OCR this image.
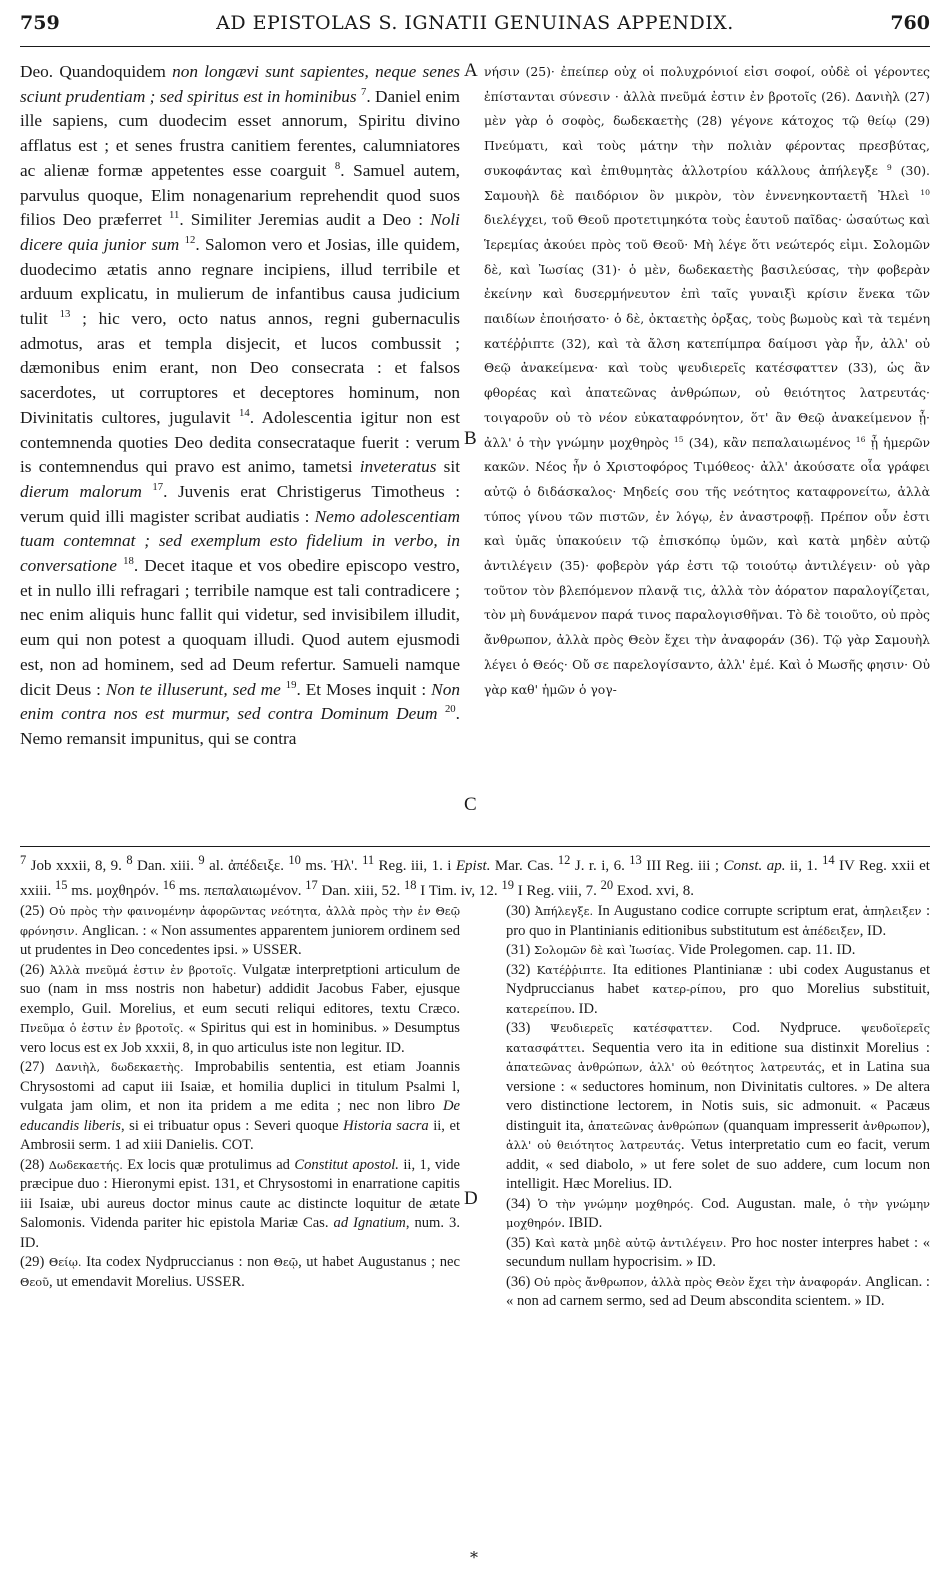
759	AD EPISTOLAS S. IGNATII GENUINAS APPENDIX.	760

Deo. Quandoquidem non longævi sunt sapientes, neque senes sciunt prudentiam ; sed spiritus est in hominibus $^7$. Daniel enim ille sapiens, cum duodecim esset annorum, Spiritu divino afflatus est ; et senes frustra canitiem ferentes, calumniatores ac alienæ formæ appetentes esse coarguit $^8$. Samuel autem, parvulus quoque, Elim nonagenarium reprehendit quod suos filios Deo præferret $^{11}$. Similiter Jeremias audit a Deo : Noli dicere quia junior sum $^{12}$. Salomon vero et Josias, ille quidem, duodecimo ætatis anno regnare incipiens, illud terribile et arduum explicatu, in mulierum de infantibus causa judicium tulit $^{13}$ ; hic vero, octo natus annos, regni gubernaculis admotus, aras et templa disjecit, et lucos combussit ; dæmonibus enim erant, non Deo consecrata : et falsos sacerdotes, ut corruptores et deceptores hominum, non Divinitatis cultores, jugulavit $^{14}$. Adolescentia igitur non est contemnenda quoties Deo dedita consecrataque fuerit : verum is contemnendus qui pravo est animo, tametsi inveteratus sit dierum malorum $^{17}$. Juvenis erat Christigerus Timotheus : verum quid illi magister scribat audiatis : Nemo adolescentiam tuam contemnat ; sed exemplum esto fidelium in verbo, in conversatione $^{18}$. Decet itaque et vos obedire episcopo vestro, et in nullo illi refragari ; terribile namque est tali contradicere ; nec enim aliquis hunc fallit qui videtur, sed invisibilem illudit, eum qui non potest a quoquam illudi. Quod autem ejusmodi est, non ad hominem, sed ad Deum refertur. Samueli namque dicit Deus : Non te illuserunt, sed me $^{19}$. Et Moses inquit : Non enim contra nos est murmur, sed contra Dominum Deum $^{20}$. Nemo remansit impunitus, qui se contra

A
B
C
D

νήσιν (25)· ἐπείπερ οὐχ οἱ πολυχρόνιοί εἰσι σοφοί, οὐδὲ οἱ γέροντες ἐπίστανται σύνεσιν · ἀλλὰ πνεῦμά ἐστιν ἐν βροτοῖς (26). Δανιὴλ (27) μὲν γὰρ ὁ σοφὸς, δωδεκαετὴς (28) γέγονε κάτοχος τῷ θείῳ (29) Πνεύματι, καὶ τοὺς μάτην τὴν πολιὰν φέροντας πρεσβύτας, συκοφάντας καὶ ἐπιθυμητὰς ἀλλοτρίου κάλλους ἀπήλεγξε $^9$ (30). Σαμουὴλ δὲ παιδόριον ὂν μικρὸν, τὸν ἐννενηκονταετῆ Ἠλεὶ $^{10}$ διελέγχει, τοῦ Θεοῦ προτετιμηκότα τοὺς ἑαυτοῦ παῖδας· ὡσαύτως καὶ Ἱερεμίας ἀκούει πρὸς τοῦ Θεοῦ· Μὴ λέγε ὅτι νεώτερός εἰμι. Σολομῶν δὲ, καὶ Ἰωσίας (31)· ὁ μὲν, δωδεκαετὴς βασιλεύσας, τὴν φοβερὰν ἐκείνην καὶ δυσερμήνευτον ἐπὶ ταῖς γυναιξὶ κρίσιν ἕνεκα τῶν παιδίων ἐποιήσατο· ὁ δὲ, ὀκταετὴς ὀρξας, τοὺς βωμοὺς καὶ τὰ τεμένη κατέῤῥιπτε (32), καὶ τὰ ἄλση κατεπίμπρα δαίμοσι γὰρ ἦν, ἀλλ' οὐ Θεῷ ἀνακείμενα· καὶ τοὺς ψευδιερεῖς κατέσφαττεν (33), ὡς ἂν φθορέας καὶ ἀπατεῶνας ἀνθρώπων, οὐ θειότητος λατρευτάς· τοιγαροῦν οὐ τὸ νέον εὐκαταφρόνητον, ὅτ' ἂν Θεῷ ἀνακείμενον ᾖ· ἀλλ' ὁ τὴν γνώμην μοχθηρὸς $^{15}$ (34), κἂν πεπαλαιωμένος $^{16}$ ᾖ ἡμερῶν κακῶν. Νέος ἦν ὁ Χριστοφόρος Τιμόθεος· ἀλλ' ἀκούσατε οἷα γράφει αὐτῷ ὁ διδάσκαλος· Μηδείς σου τῆς νεότητος καταφρονείτω, ἀλλὰ τύπος γίνου τῶν πιστῶν, ἐν λόγῳ, ἐν ἀναστροφῇ. Πρέπον οὖν ἐστι καὶ ὑμᾶς ὑπακούειν τῷ ἐπισκόπῳ ὑμῶν, καὶ κατὰ μηδὲν αὐτῷ ἀντιλέγειν (35)· φοβερὸν γάρ ἐστι τῷ τοιούτῳ ἀντιλέγειν· οὐ γὰρ τοῦτον τὸν βλεπόμενον πλανᾷ τις, ἀλλὰ τὸν ἀόρατον παραλογίζεται, τὸν μὴ δυνάμενον παρά τινος παραλογισθῆναι. Τὸ δὲ τοιοῦτο, οὐ πρὸς ἄνθρωπον, ἀλλὰ πρὸς Θεὸν ἔχει τὴν ἀναφοράν (36). Τῷ γὰρ Σαμουὴλ λέγει ὁ Θεός· Οὔ σε παρελογίσαντο, ἀλλ' ἐμέ. Καὶ ὁ Μωσῆς φησιν· Οὐ γὰρ καθ' ἡμῶν ὁ γογ-

$^7$ Job xxxii, 8, 9. $^8$ Dan. xiii. $^9$ al. ἀπέδειξε. $^{10}$ ms. Ἠλ'. $^{11}$ Reg. iii, 1. i Epist. Mar. Cas. $^{12}$ J. r. i, 6. $^{13}$ III Reg. iii ; Const. ap. ii, 1. $^{14}$ IV Reg. xxii et xxiii. $^{15}$ ms. μοχθηρόν. $^{16}$ ms. πεπαλαιωμένον. $^{17}$ Dan. xiii, 52. $^{18}$ I Tim. iv, 12. $^{19}$ I Reg. viii, 7. $^{20}$ Exod. xvi, 8.

(25) Οὐ πρὸς τὴν φαινομένην ἀφορῶντας νεότητα, ἀλλὰ πρὸς τὴν ἐν Θεῷ φρόνησιν. Anglican. : « Non assumentes apparentem juniorem ordinem sed ut prudentes in Deo concedentes ipsi. » USSER.

(26) Ἀλλὰ πνεῦμά ἐστιν ἐν βροτοῖς. Vulgatæ interpretptioni articulum de suo (nam in mss nostris non habetur) addidit Jacobus Faber, ejusque exemplo, Guil. Morelius, et eum secuti reliqui editores, textu Cræco. Πνεῦμα ὁ ἐστιν ἐν βροτοῖς. « Spiritus qui est in hominibus. » Desumptus vero locus est ex Job xxxii, 8, in quo articulus iste non legitur. ID.

(27) Δανιὴλ, δωδεκαετὴς. Improbabilis sententia, est etiam Joannis Chrysostomi ad caput iii Isaiæ, et homilia duplici in titulum Psalmi l, vulgata jam olim, et non ita pridem a me edita ; nec non libro De educandis liberis, si ei tribuatur opus : Severi quoque Historia sacra ii, et Ambrosii serm. 1 ad xiii Danielis. COT.

(28) Δωδεκαετής. Ex locis quæ protulimus ad Constitut apostol. ii, 1, vide præcipue duo : Hieronymi epist. 131, et Chrysostomi in enarratione capitis iii Isaiæ, ubi aureus doctor minus caute ac distincte loquitur de ætate Salomonis. Videnda pariter hic epistola Mariæ Cas. ad Ignatium, num. 3. ID.

(29) Θείῳ. Ita codex Nydpruccianus : non Θεῷ, ut habet Augustanus ; nec Θεοῦ, ut emendavit Morelius. USSER.

(30) Ἀπήλεγξε. In Augustano codice corrupte scriptum erat, ἀπηλειξεν : pro quo in Plantinianis editionibus substitutum est ἀπέδειξεν, ID.

(31) Σολομῶν δὲ καὶ Ἰωσίας. Vide Prolegomen. cap. 11. ID.

(32) Κατέῤῥιπτε. Ita editiones Plantinianæ : ubi codex Augustanus et Nydpruccianus habet κατερ-ρίπου, pro quo Morelius substituit, κατερείπου. ID.

(33) Ψευδιερεῖς κατέσφαττεν. Cod. Nydpruce. ψευδοϊερεῖς κατασφάττει. Sequentia vero ita in editione sua distinxit Morelius : ἀπατεῶνας ἀνθρώπων, ἀλλ' οὐ θεότητος λατρευτάς, et in Latina sua versione : « seductores hominum, non Divinitatis cultores. » De altera vero distinctione lectorem, in Notis suis, sic admonuit. « Pacæus distinguit ita, ἀπατεῶνας ἀνθρώπων (quanquam impresserit ἀνθρωπον), ἀλλ' οὐ θειότητος λατρευτάς. Vetus interpretatio cum eo facit, verum addit, « sed diabolo, » ut fere solet de suo addere, cum locum non intelligit. Hæc Morelius. ID.

(34) Ὁ τὴν γνώμην μοχθηρός. Cod. Augustan. male, ὁ τὴν γνώμην μοχθηρόν. IBID.

(35) Καὶ κατὰ μηδὲ αὐτῷ ἀντιλέγειν. Pro hoc noster interpres habet : « secundum nullam hypocrisim. » ID.

(36) Οὐ πρὸς ἄνθρωπον, ἀλλὰ πρὸς Θεὸν ἔχει τὴν ἀναφοράν. Anglican. : « non ad carnem sermo, sed ad Deum abscondita scientem. » ID.

*
